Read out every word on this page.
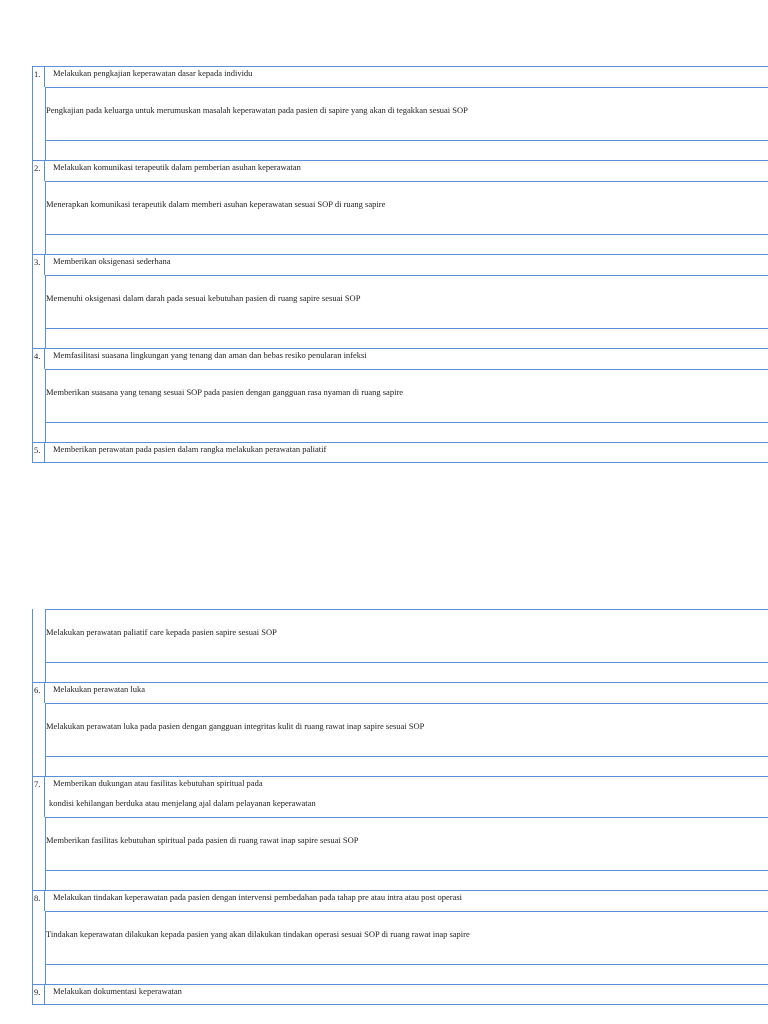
1.	Melakukan pengkajian keperawatan dasar kepada individu
Pengkajian pada keluarga untuk merumuskan masalah keperawatan pada pasien di sapire yang akan di tegakkan sesuai SOP
2.	Melakukan komunikasi terapeutik dalam pemberian asuhan keperawatan
Menerapkan komunikasi terapeutik dalam memberi asuhan keperawatan sesuai SOP di ruang sapire
3.	Memberikan oksigenasi sederhana
Memenuhi oksigenasi dalam darah pada sesuai kebutuhan pasien di ruang sapire sesuai SOP
4.	Memfasilitasi suasana lingkungan yang tenang dan aman dan bebas resiko penularan infeksi
Memberikan suasana yang tenang sesuai SOP pada pasien dengan gangguan rasa nyaman di ruang sapire
5.	Memberikan perawatan pada pasien dalam rangka melakukan perawatan paliatif
Melakukan perawatan paliatif care kepada pasien sapire sesuai SOP
6.	Melakukan perawatan luka
Melakukan perawatan luka pada pasien dengan gangguan integritas kulit di ruang rawat inap sapire sesuai SOP
7.	Memberikan dukungan atau fasilitas kebutuhan spiritual pada
kondisi kehilangan berduka atau menjelang ajal dalam pelayanan keperawatan
Memberikan fasilitas kebutuhan spiritual pada pasien di ruang rawat inap sapire sesuai SOP
8.	Melakukan tindakan keperawatan pada pasien dengan intervensi pembedahan pada tahap pre atau intra atau post operasi
Tindakan keperawatan dilakukan kepada pasien yang akan dilakukan tindakan operasi sesuai SOP di ruang rawat inap sapire
9.	Melakukan dokumentasi keperawatan
